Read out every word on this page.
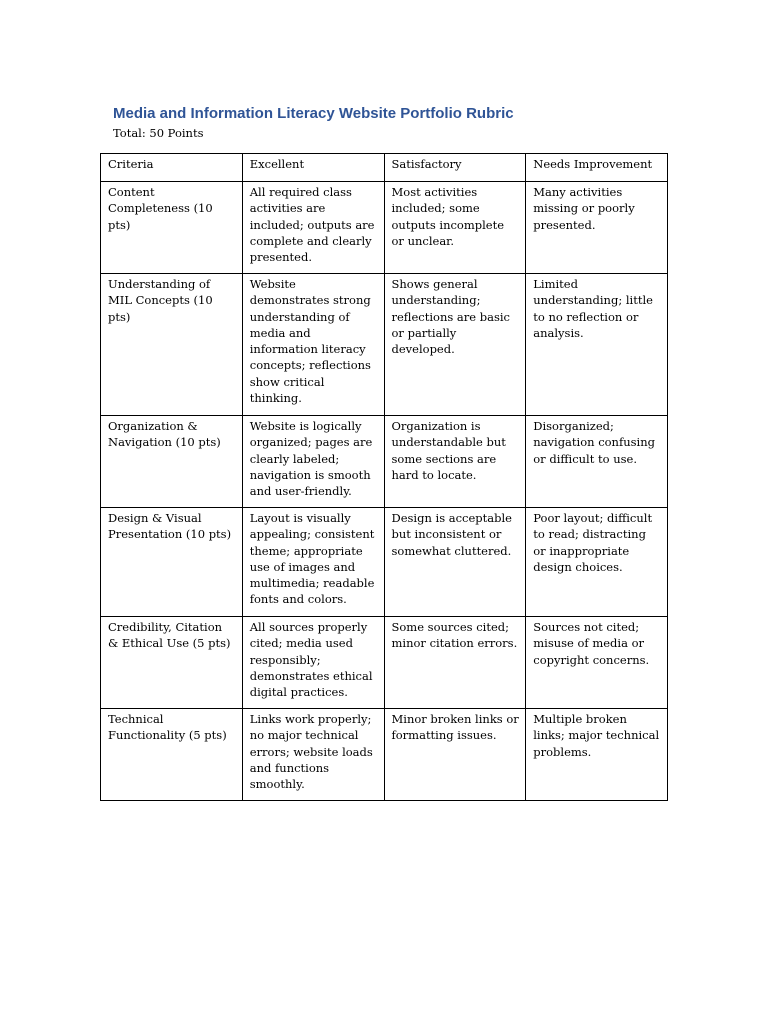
Media and Information Literacy Website Portfolio Rubric
Total: 50 Points
Criteria	Excellent	Satisfactory	Needs Improvement
Content Completeness (10 pts)	All required class activities are included; outputs are complete and clearly presented.	Most activities included; some outputs incomplete or unclear.	Many activities missing or poorly presented.
Understanding of MIL Concepts (10 pts)	Website demonstrates strong understanding of media and information literacy concepts; reflections show critical thinking.	Shows general understanding; reflections are basic or partially developed.	Limited understanding; little to no reflection or analysis.
Organization & Navigation (10 pts)	Website is logically organized; pages are clearly labeled; navigation is smooth and user-friendly.	Organization is understandable but some sections are hard to locate.	Disorganized; navigation confusing or difficult to use.
Design & Visual Presentation (10 pts)	Layout is visually appealing; consistent theme; appropriate use of images and multimedia; readable fonts and colors.	Design is acceptable but inconsistent or somewhat cluttered.	Poor layout; difficult to read; distracting or inappropriate design choices.
Credibility, Citation & Ethical Use (5 pts)	All sources properly cited; media used responsibly; demonstrates ethical digital practices.	Some sources cited; minor citation errors.	Sources not cited; misuse of media or copyright concerns.
Technical Functionality (5 pts)	Links work properly; no major technical errors; website loads and functions smoothly.	Minor broken links or formatting issues.	Multiple broken links; major technical problems.
